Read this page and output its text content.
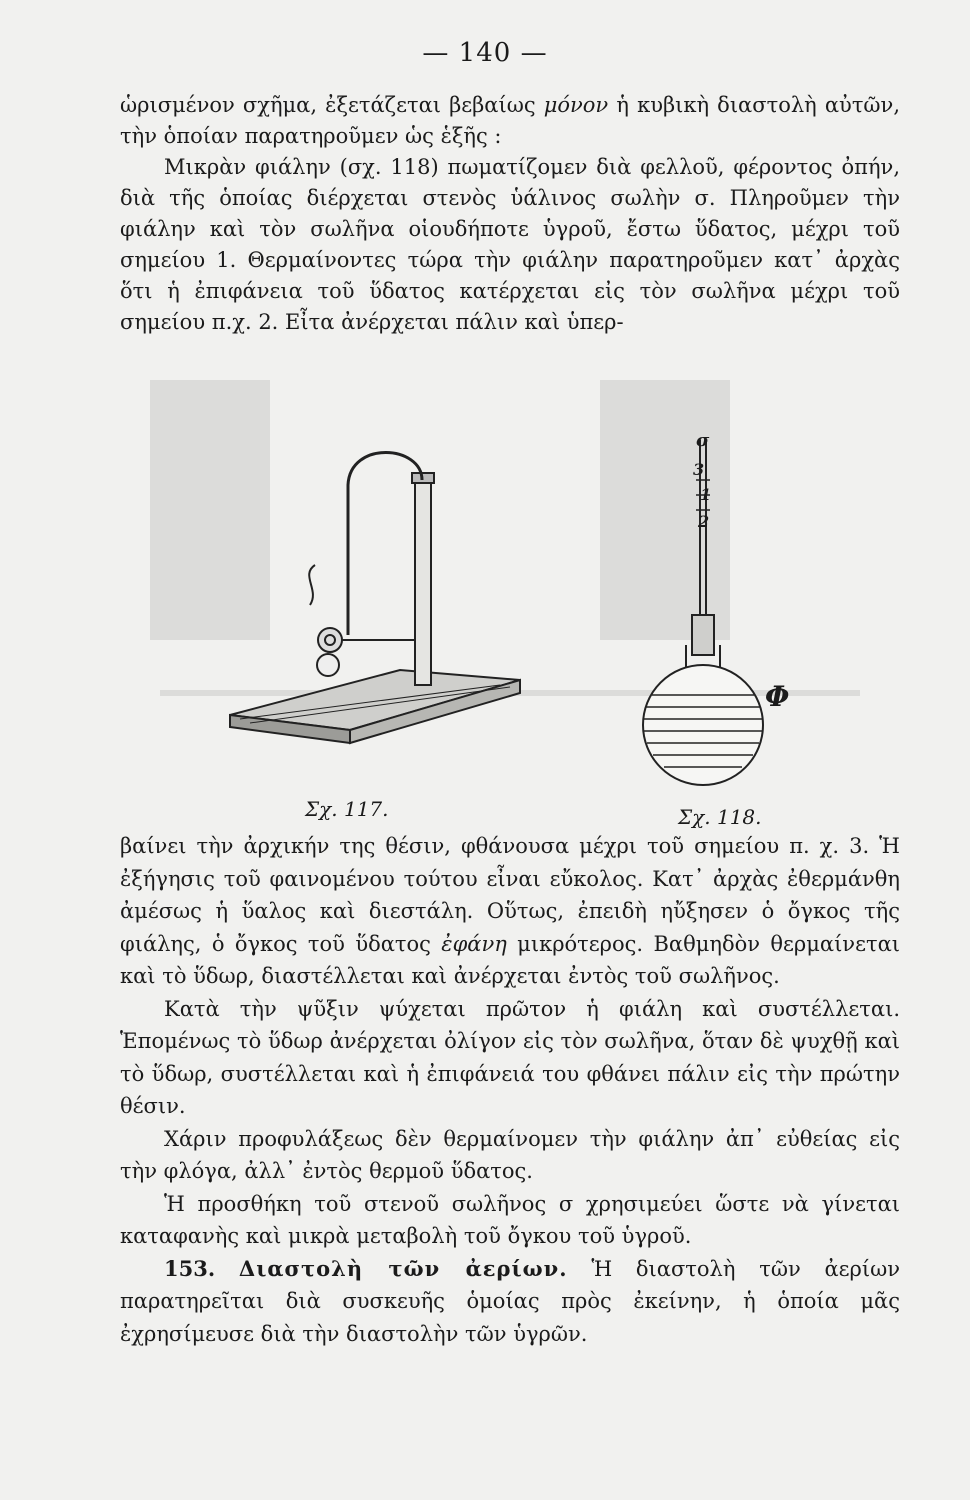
— 140 —

ὡρισμένον σχῆμα, ἐξετάζεται βεβαίως μόνον ἡ κυβικὴ διαστολὴ αὐτῶν, τὴν ὁποίαν παρατηροῦμεν ὡς ἑξῆς :

Μικρὰν φιάλην (σχ. 118) πωματίζομεν διὰ φελλοῦ, φέροντος ὀπήν, διὰ τῆς ὁποίας διέρχεται στενὸς ὑάλινος σωλὴν σ. Πληροῦμεν τὴν φιάλην καὶ τὸν σωλῆνα οἱουδήποτε ὑγροῦ, ἔστω ὕδατος, μέχρι τοῦ σημείου 1. Θερμαίνοντες τώρα τὴν φιάλην παρατηροῦμεν κατ᾽ ἀρχὰς ὅτι ἡ ἐπιφάνεια τοῦ ὕδατος κατέρχεται εἰς τὸν σωλῆνα μέχρι τοῦ σημείου π.χ. 2. Εἶτα ἀνέρχεται πάλιν καὶ ὑπερ-

σ
3
1
2
Φ
Σχ. 117.	Σχ. 118.

βαίνει τὴν ἀρχικήν της θέσιν, φθάνουσα μέχρι τοῦ σημείου π. χ. 3. Ἡ ἐξήγησις τοῦ φαινομένου τούτου εἶναι εὔκολος. Κατ᾽ ἀρχὰς ἐθερμάνθη ἀμέσως ἡ ὕαλος καὶ διεστάλη. Οὕτως, ἐπειδὴ ηὔξησεν ὁ ὄγκος τῆς φιάλης, ὁ ὄγκος τοῦ ὕδατος ἐφάνη μικρότερος. Βαθμηδὸν θερμαίνεται καὶ τὸ ὕδωρ, διαστέλλεται καὶ ἀνέρχεται ἐντὸς τοῦ σωλῆνος.

Κατὰ τὴν ψῦξιν ψύχεται πρῶτον ἡ φιάλη καὶ συστέλλεται. Ἑπομένως τὸ ὕδωρ ἀνέρχεται ὀλίγον εἰς τὸν σωλῆνα, ὅταν δὲ ψυχθῇ καὶ τὸ ὕδωρ, συστέλλεται καὶ ἡ ἐπιφάνειά του φθάνει πάλιν εἰς τὴν πρώτην θέσιν.

Χάριν προφυλάξεως δὲν θερμαίνομεν τὴν φιάλην ἀπ᾽ εὐθείας εἰς τὴν φλόγα, ἀλλ᾽ ἐντὸς θερμοῦ ὕδατος.

Ἡ προσθήκη τοῦ στενοῦ σωλῆνος σ χρησιμεύει ὥστε νὰ γίνεται καταφανὴς καὶ μικρὰ μεταβολὴ τοῦ ὄγκου τοῦ ὑγροῦ.

153. Διαστολὴ τῶν ἀερίων. Ἡ διαστολὴ τῶν ἀερίων παρατηρεῖται διὰ συσκευῆς ὁμοίας πρὸς ἐκείνην, ἡ ὁποία μᾶς ἐχρησίμευσε διὰ τὴν διαστολὴν τῶν ὑγρῶν.
